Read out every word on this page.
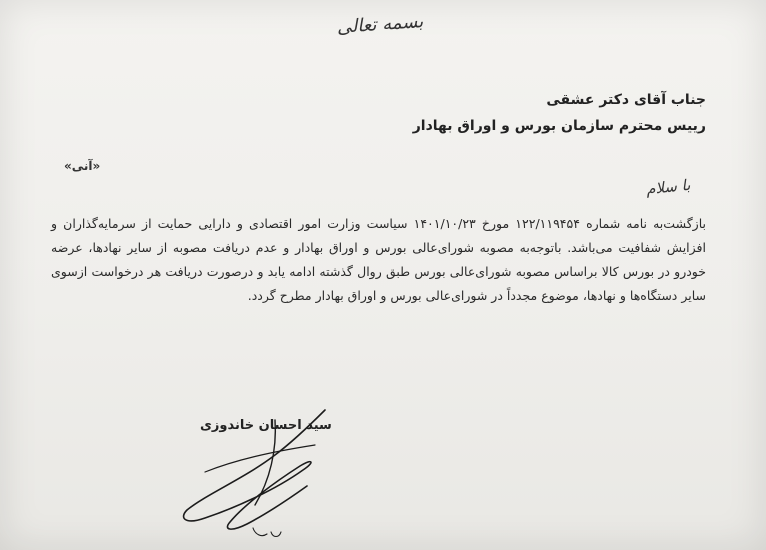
بسمه تعالی
جناب آقای دکتر عشقی
رییس محترم سازمان بورس و اوراق بهادار
«آنی»
با سلام
بازگشت‌به نامه شماره ۱۲۲/۱۱۹۴۵۴ مورخ ۱۴۰۱/۱۰/۲۳ سیاست وزارت امور اقتصادی و دارایی حمایت از سرمایه‌گذاران و افزایش شفافیت می‌باشد. باتوجه‌به مصوبه شورای‌عالی بورس و اوراق بهادار و عدم دریافت مصوبه از سایر نهادها، عرضه خودرو در بورس کالا براساس مصوبه شورای‌عالی بورس طبق روال گذشته ادامه یابد و درصورت دریافت هر درخواست ازسوی سایر دستگاه‌ها و نهادها، موضوع مجدداً در شورای‌عالی بورس و اوراق بهادار مطرح گردد.
سید احسان خاندوزی
